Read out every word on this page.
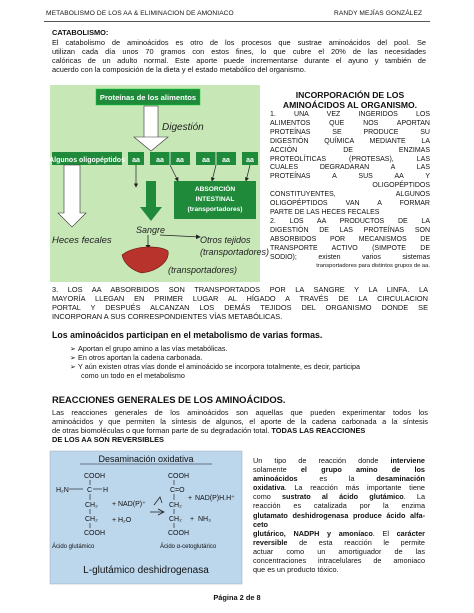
METABOLISMO DE LOS AA & ELIMINACION DE AMONIACO	RANDY MEJÍAS GONZÁLEZ
CATABOLISMO:
El catabolismo de aminoácidos es otro de los procesos que sustrae aminoácidos del pool. Se
utilizan cada día unos 70 gramos con estos fines, lo que cubre el 20% de las necesidades
calóricas de un adulto normal. Este aporte puede incrementarse durante el ayuno y también de
acuerdo con la composición de la dieta y el estado metabólico del organismo.
Proteínas de los alimentos
Digestión
Algunos oligopéptidos aa aa aa	aa aa aa
Heces fecales
ABSORCIÓN
INTESTINAL
(transportadores)
Sangre
Otros tejidos
(transportadores)
(transportadores)
INCORPORACIÓN DE LOS
AMINOÁCIDOS AL ORGANISMO.
1. UNA VEZ INGERIDOS LOS
ALIMENTOS QUE NOS APORTAN
PROTEÍNAS SE PRODUCE SU
DIGESTIÓN QUÍMICA MEDIANTE LA
ACCIÓN DE ENZIMAS
PROTEOLÍTICAS (PROTESAS), LAS
CUALES DEGRADARAN A LAS
PROTEÍNAS A SUS AA Y
OLIGOPÉPTIDOS
CONSTITUYENTES, ALGUNOS
OLIGOPÉPTIDOS VAN A FORMAR
PARTE DE LAS HECES FECALES
2. LOS AA PRODUCTOS DE LA
DIGESTIÓN DE LAS PROTEÍNAS SON
ABSORBIDOS POR MECANISMOS DE
TRANSPORTE ACTIVO (SIMPOTE DE
SODIO); existen varios sistemas
transportadores para distintos grupos de aa.
3. LOS AA ABSORBIDOS SON TRANSPORTADOS POR LA SANGRE Y LA LINFA. LA
MAYORÍA LLEGAN EN PRIMER LUGAR AL HÍGADO A TRAVÉS DE LA CIRCULACION
PORTAL Y DESPUÉS ALCANZAN LOS DEMÁS TEJIDOS DEL ORGANISMO DONDE SE
INCORPORAN A SUS CORRESPONDIENTES VÍAS METABÓLICAS.
Los aminoácidos participan en el metabolismo de varias formas.
➢ Aportan el grupo amino a las vías metabólicas.
➢ En otros aportan la cadena carbonada.
➢ Y aún existen otras vías donde el aminoácido se incorpora totalmente, es decir, participa
como un todo en el metabolismo
REACCIONES GENERALES DE LOS AMINOÁCIDOS.
Las reacciones generales de los aminoácidos son aquellas que pueden experimentar todos los
aminoácidos y que permiten la síntesis de algunos, el aporte de la cadena carbonada a la síntesis
de otras biomoléculas o que forman parte de su degradación total. TODAS LAS REACCIONES
DE LOS AA SON REVERSIBLES
Desaminación oxidativa
COOH
H₂N	C H
CH₂
CH₂
COOH
Ácido glutámico
+ NAD(P)⁺
+ H₂O
COOH
C=O
CH₂
CH₂
COOH
Ácido α-cetoglutárico
+ NAD(P)H.H⁺
+ NH₃
L-glutámico deshidrogenasa
Un tipo de reacción donde interviene
solamente el grupo amino de los
aminoácidos es la desaminación
oxidativa. La reacción más importante tiene
como sustrato al ácido glutámico. La
reacción es catalizada por la enzima
glutamato deshidrogenasa produce ácido alfa-ceto
glutárico, NADPH y amoníaco. El carácter
reversible de esta reacción le permite
actuar como un amortiguador de las
concentraciones intracelulares de amoniaco
que es un producto tóxico.
Página 2 de 8
